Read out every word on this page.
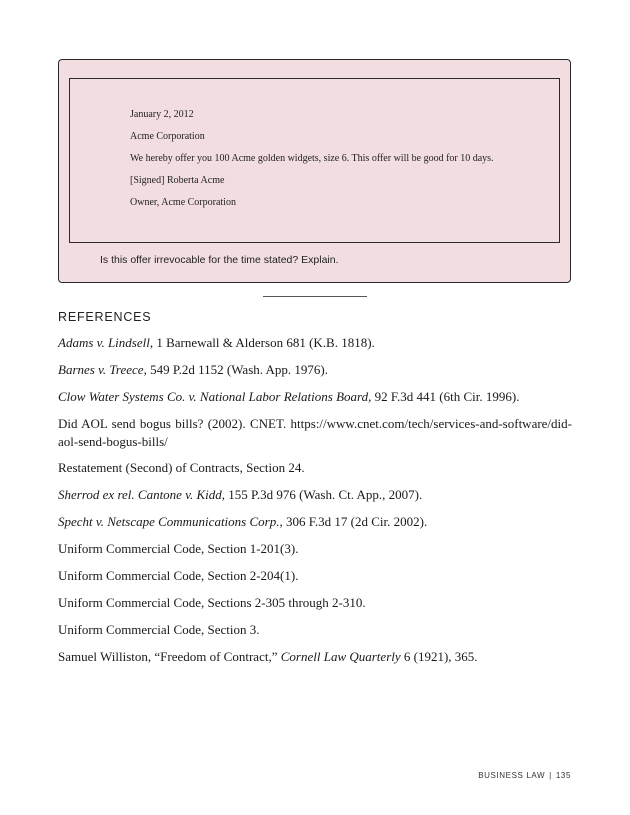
January 2, 2012
Acme Corporation
We hereby offer you 100 Acme golden widgets, size 6. This offer will be good for 10 days.
[Signed] Roberta Acme
Owner, Acme Corporation
Is this offer irrevocable for the time stated? Explain.
REFERENCES
Adams v. Lindsell, 1 Barnewall & Alderson 681 (K.B. 1818).
Barnes v. Treece, 549 P.2d 1152 (Wash. App. 1976).
Clow Water Systems Co. v. National Labor Relations Board, 92 F.3d 441 (6th Cir. 1996).
Did AOL send bogus bills? (2002). CNET. https://www.cnet.com/tech/services-and-software/did-aol-send-bogus-bills/
Restatement (Second) of Contracts, Section 24.
Sherrod ex rel. Cantone v. Kidd, 155 P.3d 976 (Wash. Ct. App., 2007).
Specht v. Netscape Communications Corp., 306 F.3d 17 (2d Cir. 2002).
Uniform Commercial Code, Section 1-201(3).
Uniform Commercial Code, Section 2-204(1).
Uniform Commercial Code, Sections 2-305 through 2-310.
Uniform Commercial Code, Section 3.
Samuel Williston, “Freedom of Contract,” Cornell Law Quarterly 6 (1921), 365.
BUSINESS LAW | 135
